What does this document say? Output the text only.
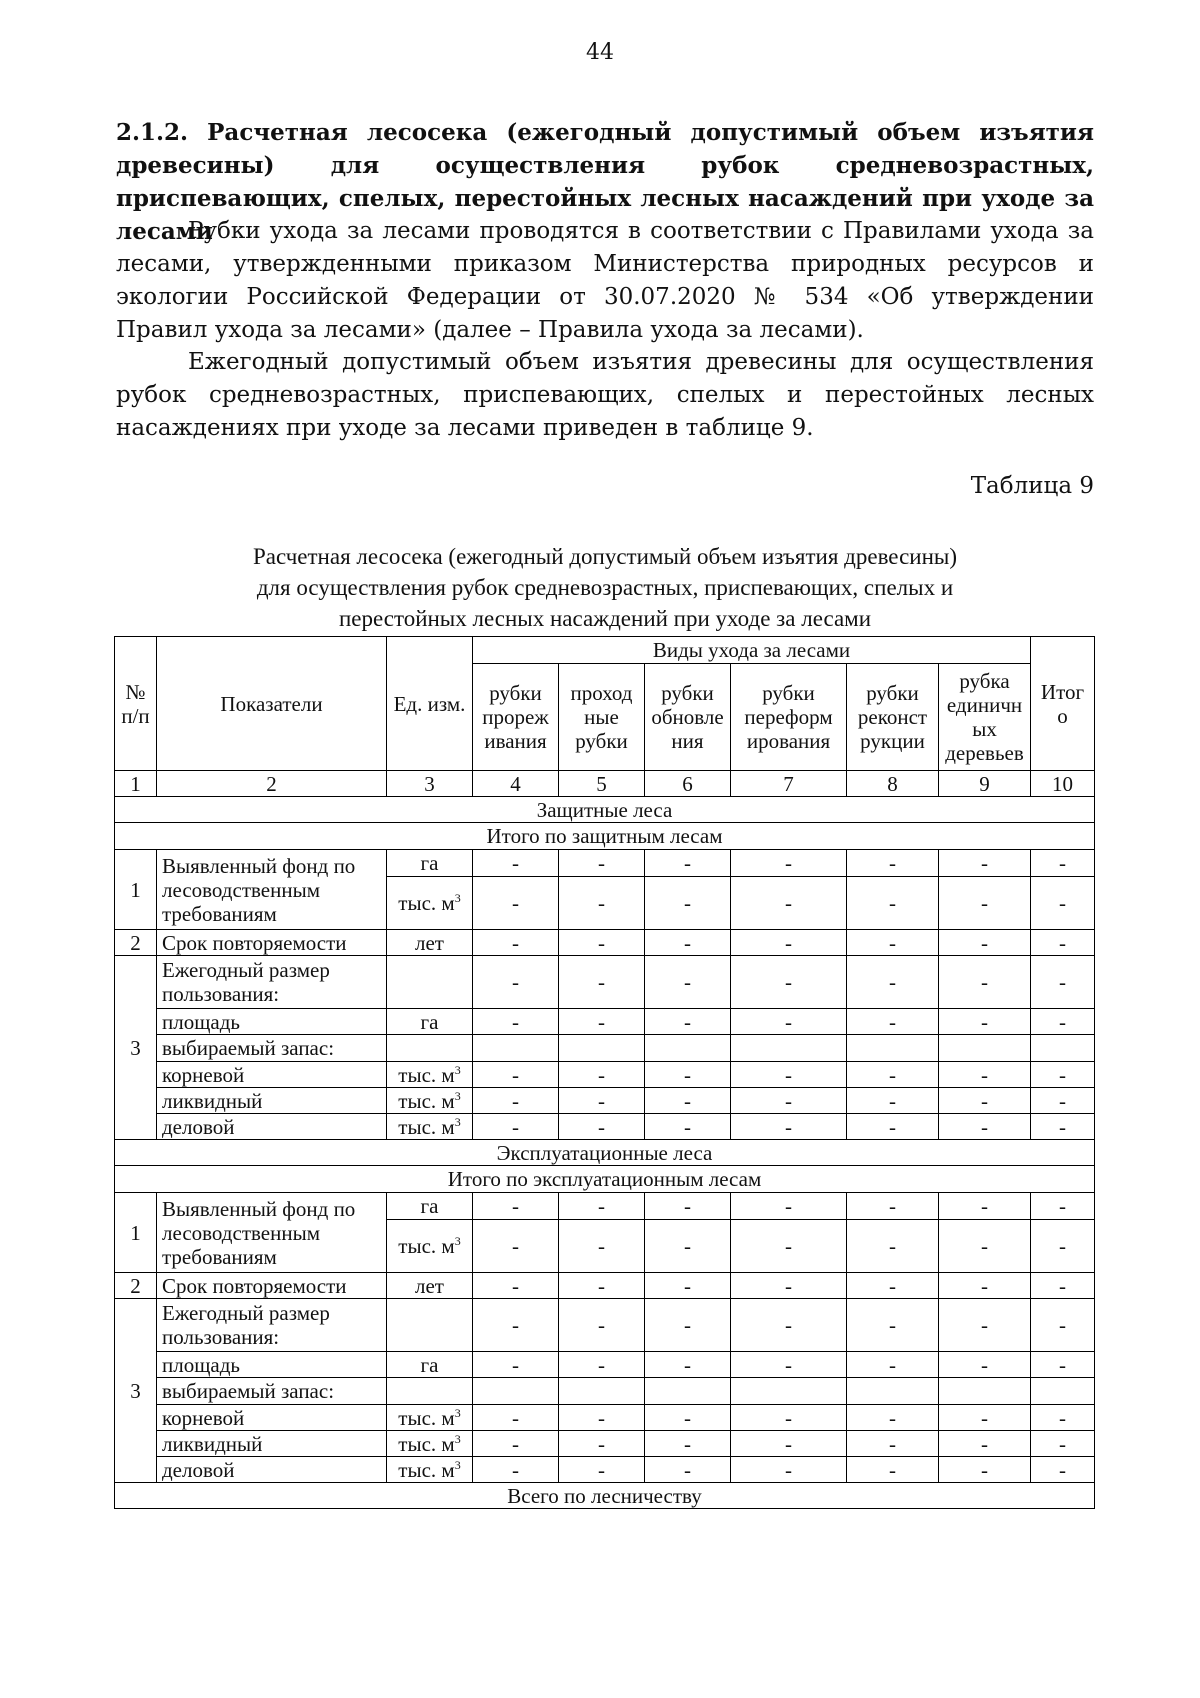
44
2.1.2. Расчетная лесосека (ежегодный допустимый объем изъятия древесины) для осуществления рубок средневозрастных, приспевающих, спелых, перестойных лесных насаждений при уходе за лесами
Рубки ухода за лесами проводятся в соответствии с Правилами ухода за лесами, утвержденными приказом Министерства природных ресурсов и экологии Российской Федерации от 30.07.2020 № 534 «Об утверждении Правил ухода за лесами» (далее – Правила ухода за лесами).
Ежегодный допустимый объем изъятия древесины для осуществления рубок средневозрастных, приспевающих, спелых и перестойных лесных насаждениях при уходе за лесами приведен в таблице 9.
Таблица 9
Расчетная лесосека (ежегодный допустимый объем изъятия древесины)
для осуществления рубок средневозрастных, приспевающих, спелых и
перестойных лесных насаждений при уходе за лесами
№ п/п	Показатели	Ед. изм.	Виды ухода за лесами						Итог о
			рубки прореж ивания	проход ные рубки	рубки обновле ния	рубки переформ ирования	рубки реконст рукции	рубка единичн ых деревьев	
1	2	3	4	5	6	7	8	9	10
Защитные леса									
Итого по защитным лесам									
1	Выявленный фонд по лесоводственным требованиям	га	-	-	-	-	-	-	-
		тыс. $м^3$	-	-	-	-	-	-	-
2	Срок повторяемости	лет	-	-	-	-	-	-	-
3	Ежегодный размер пользования:		-	-	-	-	-	-	-
	площадь	га	-	-	-	-	-	-	-
	выбираемый запас:								
	корневой	тыс. $м^3$	-	-	-	-	-	-	-
	ликвидный	тыс. $м^3$	-	-	-	-	-	-	-
	деловой	тыс. $м^3$	-	-	-	-	-	-	-
Эксплуатационные леса									
Итого по эксплуатационным лесам									
1	Выявленный фонд по лесоводственным требованиям	га	-	-	-	-	-	-	-
		тыс. $м^3$	-	-	-	-	-	-	-
2	Срок повторяемости	лет	-	-	-	-	-	-	-
3	Ежегодный размер пользования:		-	-	-	-	-	-	-
	площадь	га	-	-	-	-	-	-	-
	выбираемый запас:								
	корневой	тыс. $м^3$	-	-	-	-	-	-	-
	ликвидный	тыс. $м^3$	-	-	-	-	-	-	-
	деловой	тыс. $м^3$	-	-	-	-	-	-	-
Всего по лесничеству									
